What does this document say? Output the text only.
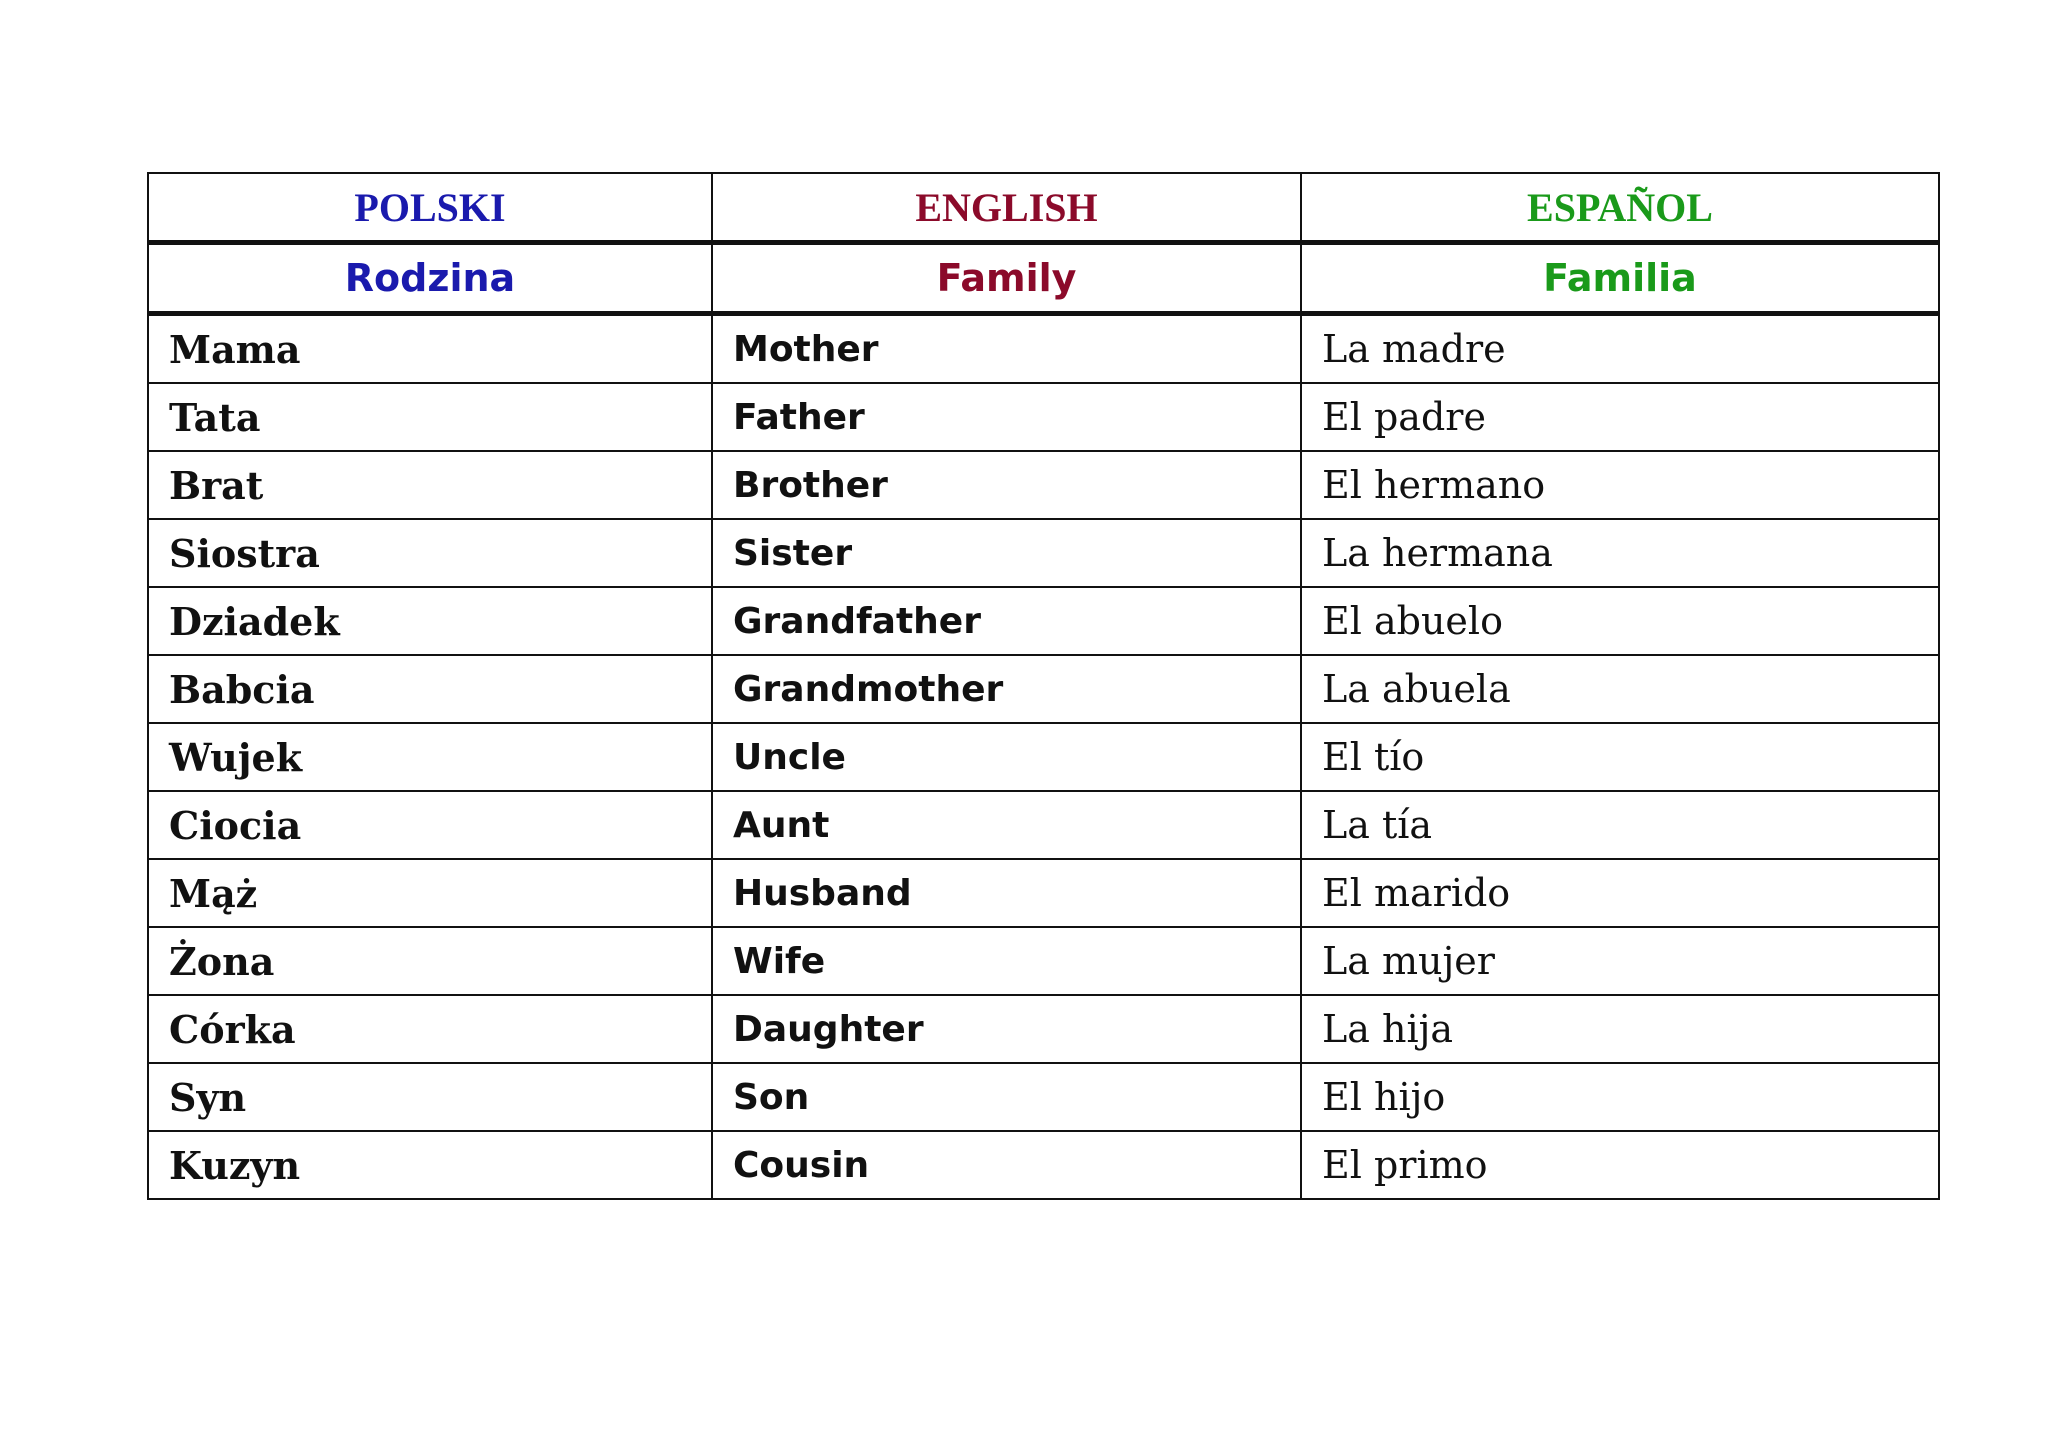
POLSKI	ENGLISH	ESPAÑOL
Rodzina	Family	Familia
Mama	Mother	La madre
Tata	Father	El padre
Brat	Brother	El hermano
Siostra	Sister	La hermana
Dziadek	Grandfather	El abuelo
Babcia	Grandmother	La abuela
Wujek	Uncle	El tío
Ciocia	Aunt	La tía
Mąż	Husband	El marido
Żona	Wife	La mujer
Córka	Daughter	La hija
Syn	Son	El hijo
Kuzyn	Cousin	El primo
